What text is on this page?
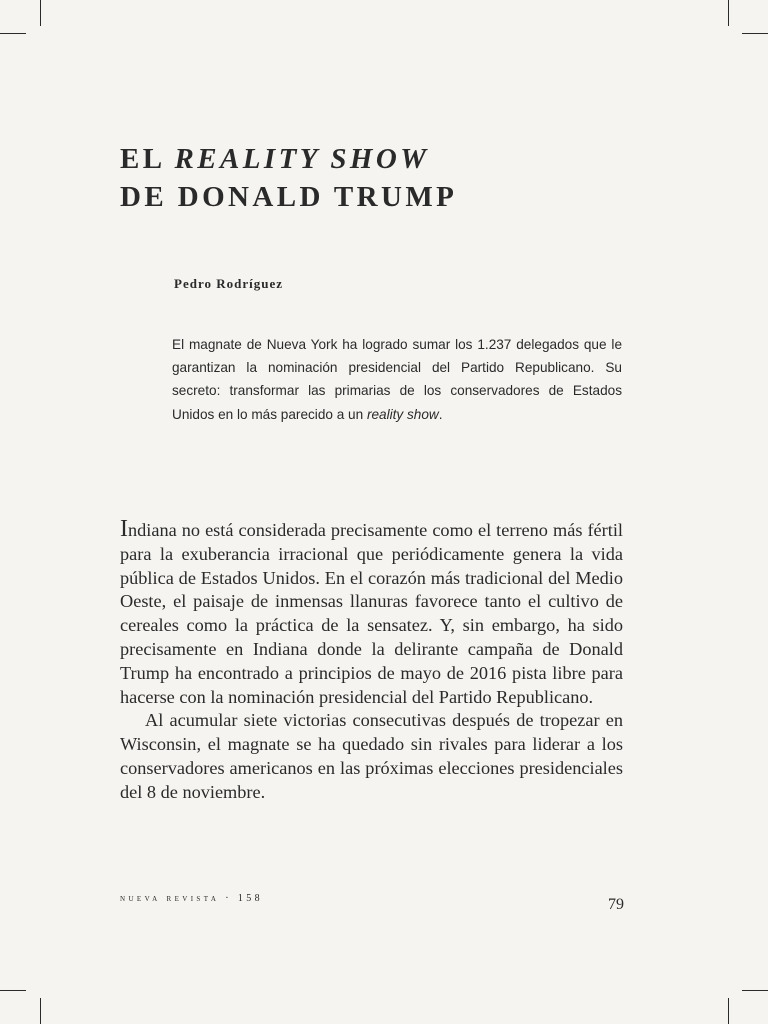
EL REALITY SHOW
DE DONALD TRUMP
Pedro Rodríguez

El magnate de Nueva York ha logrado sumar los 1.237 delegados que le garantizan la nominación presidencial del Partido Republicano. Su secreto: transformar las primarias de los conservadores de Estados Unidos en lo más parecido a un reality show.

Indiana no está considerada precisamente como el terreno más fértil para la exuberancia irracional que periódicamente genera la vida pública de Estados Unidos. En el corazón más tradicional del Medio Oeste, el paisaje de inmensas llanuras favorece tanto el cultivo de cereales como la práctica de la sensatez. Y, sin embargo, ha sido precisamente en Indiana donde la delirante campaña de Donald Trump ha encontrado a principios de mayo de 2016 pista libre para hacerse con la nominación presidencial del Partido Republicano.

Al acumular siete victorias consecutivas después de tropezar en Wisconsin, el magnate se ha quedado sin rivales para liderar a los conservadores americanos en las próximas elecciones presidenciales del 8 de noviembre.

nueva revista · 158	79
